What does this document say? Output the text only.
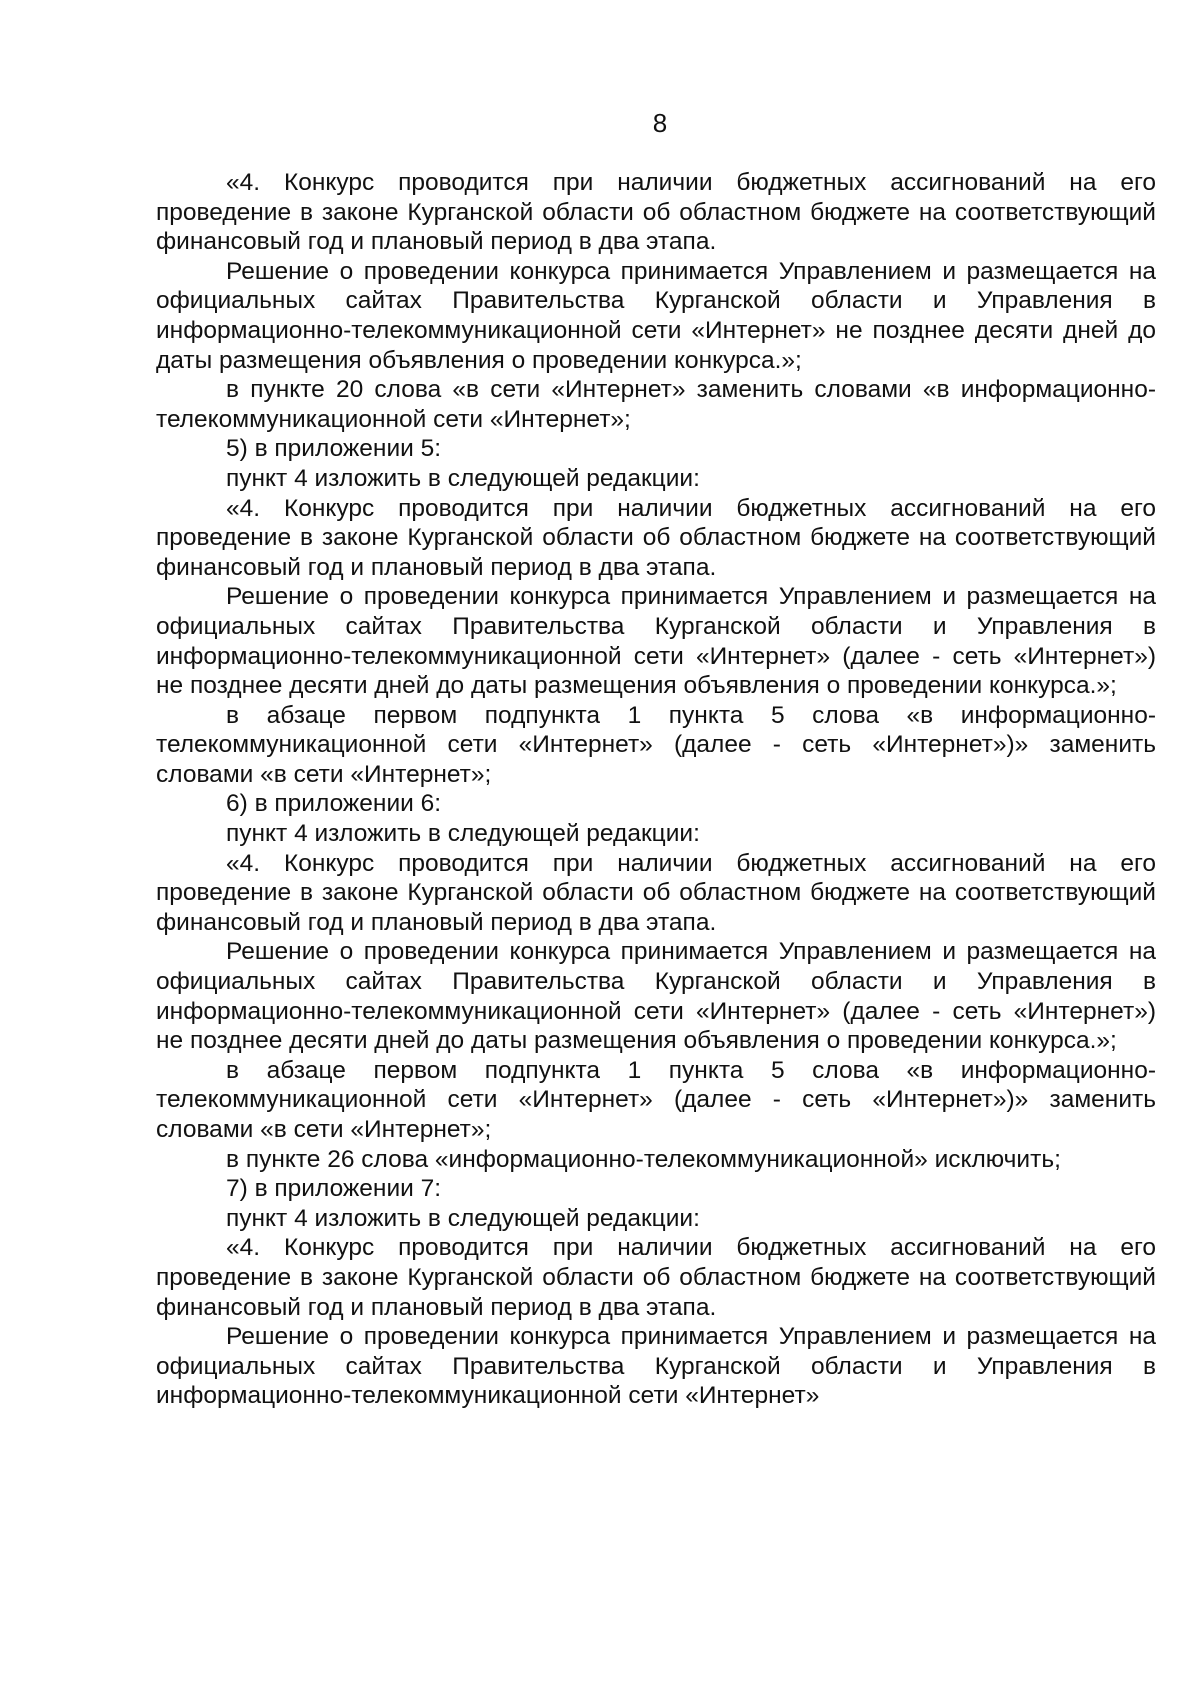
8

«4. Конкурс проводится при наличии бюджетных ассигнований на его проведение в законе Курганской области об областном бюджете на соответствующий финансовый год и плановый период в два этапа.

Решение о проведении конкурса принимается Управлением и размещается на официальных сайтах Правительства Курганской области и Управления в информационно-телекоммуникационной сети «Интернет» не позднее десяти дней до даты размещения объявления о проведении конкурса.»;

в пункте 20 слова «в сети «Интернет» заменить словами «в информационно-телекоммуникационной сети «Интернет»;

5) в приложении 5:

пункт 4 изложить в следующей редакции:

«4. Конкурс проводится при наличии бюджетных ассигнований на его проведение в законе Курганской области об областном бюджете на соответствующий финансовый год и плановый период в два этапа.

Решение о проведении конкурса принимается Управлением и размещается на официальных сайтах Правительства Курганской области и Управления в информационно-телекоммуникационной сети «Интернет» (далее - сеть «Интернет») не позднее десяти дней до даты размещения объявления о проведении конкурса.»;

в абзаце первом подпункта 1 пункта 5 слова «в информационно-телекоммуникационной сети «Интернет» (далее - сеть «Интернет»)» заменить словами «в сети «Интернет»;

6) в приложении 6:

пункт 4 изложить в следующей редакции:

«4. Конкурс проводится при наличии бюджетных ассигнований на его проведение в законе Курганской области об областном бюджете на соответствующий финансовый год и плановый период в два этапа.

Решение о проведении конкурса принимается Управлением и размещается на официальных сайтах Правительства Курганской области и Управления в информационно-телекоммуникационной сети «Интернет» (далее - сеть «Интернет») не позднее десяти дней до даты размещения объявления о проведении конкурса.»;

в абзаце первом подпункта 1 пункта 5 слова «в информационно-телекоммуникационной сети «Интернет» (далее - сеть «Интернет»)» заменить словами «в сети «Интернет»;

в пункте 26 слова «информационно-телекоммуникационной» исключить;

7) в приложении 7:

пункт 4 изложить в следующей редакции:

«4. Конкурс проводится при наличии бюджетных ассигнований на его проведение в законе Курганской области об областном бюджете на соответствующий финансовый год и плановый период в два этапа.

Решение о проведении конкурса принимается Управлением и размещается на официальных сайтах Правительства Курганской области и Управления в информационно-телекоммуникационной сети «Интернет»
